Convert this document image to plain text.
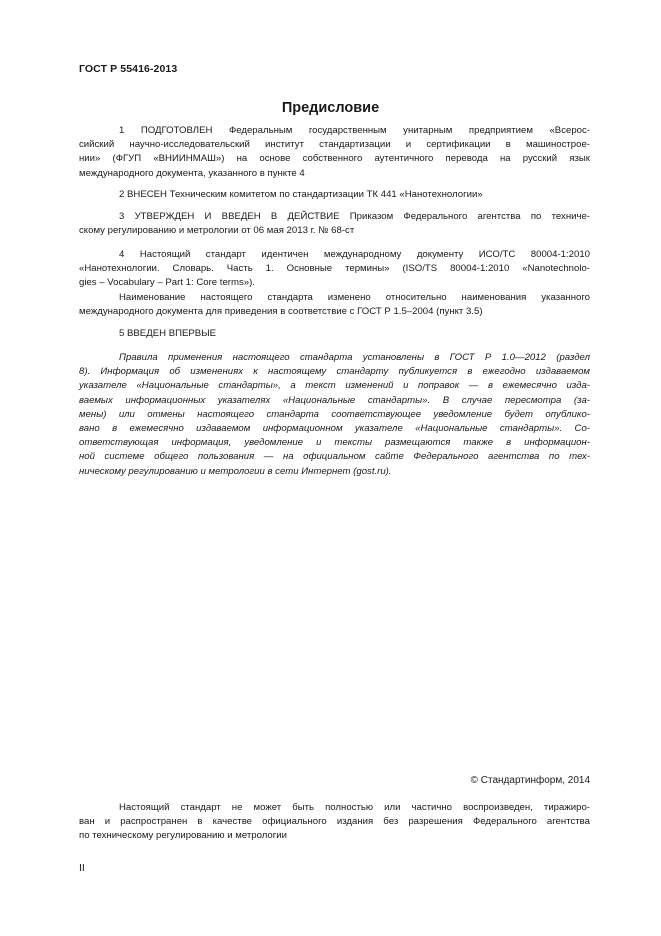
ГОСТ Р 55416-2013
Предисловие
1 ПОДГОТОВЛЕН Федеральным государственным унитарным предприятием «Всерос-
сийский научно-исследовательский институт стандартизации и сертификации в машинострое-
нии» (ФГУП «ВНИИНМАШ») на основе собственного аутентичного перевода на русский язык
международного документа, указанного в пункте 4
2 ВНЕСЕН Техническим комитетом по стандартизации ТК 441 «Нанотехнологии»
3 УТВЕРЖДЕН И ВВЕДЕН В ДЕЙСТВИЕ Приказом Федерального агентства по техниче-
скому регулированию и метрологии от 06 мая 2013 г. № 68-ст
4 Настоящий стандарт идентичен международному документу ИСО/ТС 80004-1:2010
«Нанотехнологии. Словарь. Часть 1. Основные термины» (ISO/TS 80004-1:2010 «Nanotechnolo-
gies – Vocabulary – Part 1: Core terms»).
Наименование настоящего стандарта изменено относительно наименования указанного
международного документа для приведения в соответствие с ГОСТ Р 1.5–2004 (пункт 3.5)
5 ВВЕДЕН ВПЕРВЫЕ
Правила применения настоящего стандарта установлены в ГОСТ Р 1.0—2012 (раздел
8). Информация об изменениях к настоящему стандарту публикуется в ежегодно издаваемом
указателе «Национальные стандарты», а текст изменений и поправок — в ежемесячно изда-
ваемых информационных указателях «Национальные стандарты». В случае пересмотра (за-
мены) или отмены настоящего стандарта соответствующее уведомление будет опублико-
вано в ежемесячно издаваемом информационном указателе «Национальные стандарты». Со-
ответствующая информация, уведомление и тексты размещаются также в информацион-
ной системе общего пользования — на официальном сайте Федерального агентства по тех-
ническому регулированию и метрологии в сети Интернет (gost.ru).
© Стандартинформ, 2014
Настоящий стандарт не может быть полностью или частично воспроизведен, тиражиро-
ван и распространен в качестве официального издания без разрешения Федерального агентства
по техническому регулированию и метрологии
II
